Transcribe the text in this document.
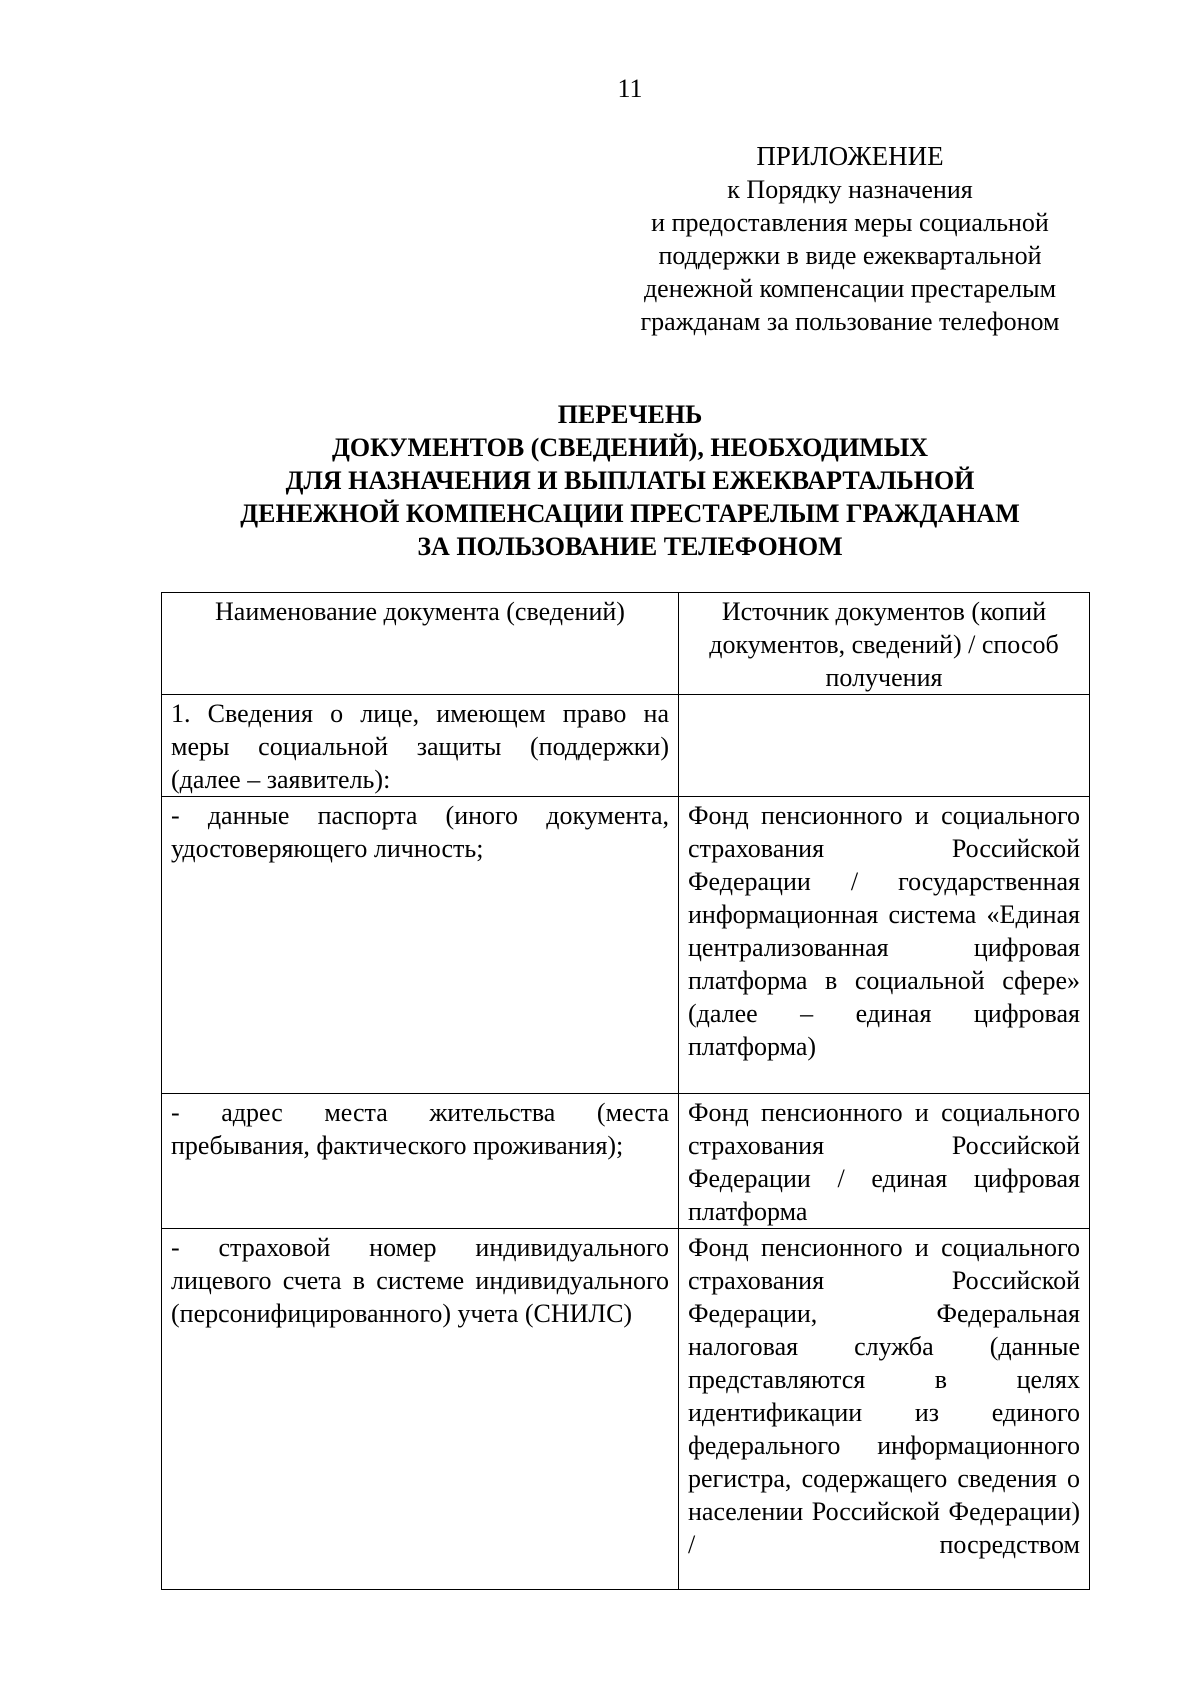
11
ПРИЛОЖЕНИЕ
к Порядку назначения
и предоставления меры социальной
поддержки в виде ежеквартальной
денежной компенсации престарелым
гражданам за пользование телефоном
ПЕРЕЧЕНЬ
ДОКУМЕНТОВ (СВЕДЕНИЙ), НЕОБХОДИМЫХ
ДЛЯ НАЗНАЧЕНИЯ И ВЫПЛАТЫ ЕЖЕКВАРТАЛЬНОЙ
ДЕНЕЖНОЙ КОМПЕНСАЦИИ ПРЕСТАРЕЛЫМ ГРАЖДАНАМ
ЗА ПОЛЬЗОВАНИЕ ТЕЛЕФОНОМ
Наименование документа (сведений)	Источник документов (копий документов, сведений) / способ получения
1. Сведения о лице, имеющем право на меры социальной защиты (поддержки) (далее – заявитель):	
- данные паспорта (иного документа, удостоверяющего личность;	Фонд пенсионного и социального страхования Российской Федерации / государственная информационная система «Единая централизованная цифровая платформа в социальной сфере» (далее – единая цифровая платформа)
- адрес места жительства (места пребывания, фактического проживания);	Фонд пенсионного и социального страхования Российской Федерации / единая цифровая платформа
- страховой номер индивидуального лицевого счета в системе индивидуального (персонифицированного) учета (СНИЛС)	Фонд пенсионного и социального страхования Российской Федерации, Федеральная налоговая служба (данные представляются в целях идентификации из единого федерального информационного регистра, содержащего сведения о населении Российской Федерации) / посредством
